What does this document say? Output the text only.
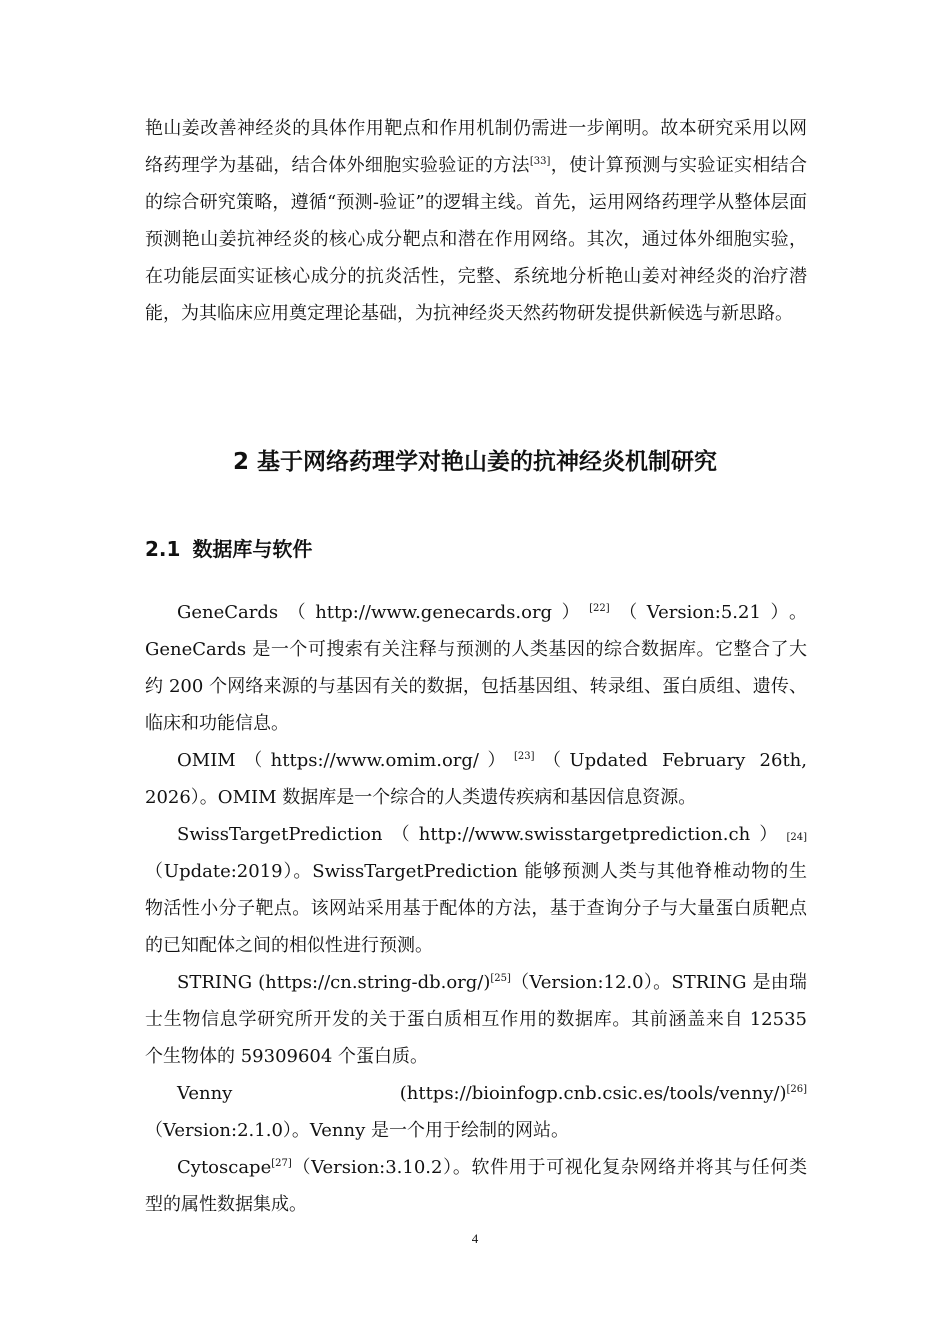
艳山姜改善神经炎的具体作用靶点和作用机制仍需进一步阐明。故本研究采用以网络药理学为基础，结合体外细胞实验验证的方法[33]，使计算预测与实验证实相结合的综合研究策略，遵循“预测-验证”的逻辑主线。首先，运用网络药理学从整体层面预测艳山姜抗神经炎的核心成分靶点和潜在作用网络。其次，通过体外细胞实验，在功能层面实证核心成分的抗炎活性，完整、系统地分析艳山姜对神经炎的治疗潜能，为其临床应用奠定理论基础，为抗神经炎天然药物研发提供新候选与新思路。

2 基于网络药理学对艳山姜的抗神经炎机制研究
2.1 数据库与软件

GeneCards（http://www.genecards.org）[22]（Version:5.21）。GeneCards 是一个可搜索有关注释与预测的人类基因的综合数据库。它整合了大约 200 个网络来源的与基因有关的数据，包括基因组、转录组、蛋白质组、遗传、临床和功能信息。

OMIM（https://www.omim.org/）[23]（Updated February 26th, 2026）。OMIM 数据库是一个综合的人类遗传疾病和基因信息资源。

SwissTargetPrediction （ http://www.swisstargetprediction.ch ） [24]

（Update:2019）。SwissTargetPrediction 能够预测人类与其他脊椎动物的生物活性小分子靶点。该网站采用基于配体的方法，基于查询分子与大量蛋白质靶点的已知配体之间的相似性进行预测。

STRING (https://cn.string-db.org/)[25]（Version:12.0）。STRING 是由瑞士生物信息学研究所开发的关于蛋白质相互作用的数据库。其前涵盖来自 12535 个生物体的 59309604 个蛋白质。

Venny (https://bioinfogp.cnb.csic.es/tools/venny/)[26]（Version:2.1.0）。Venny 是一个用于绘制的网站。

Cytoscape[27]（Version:3.10.2）。软件用于可视化复杂网络并将其与任何类型的属性数据集成。

4
